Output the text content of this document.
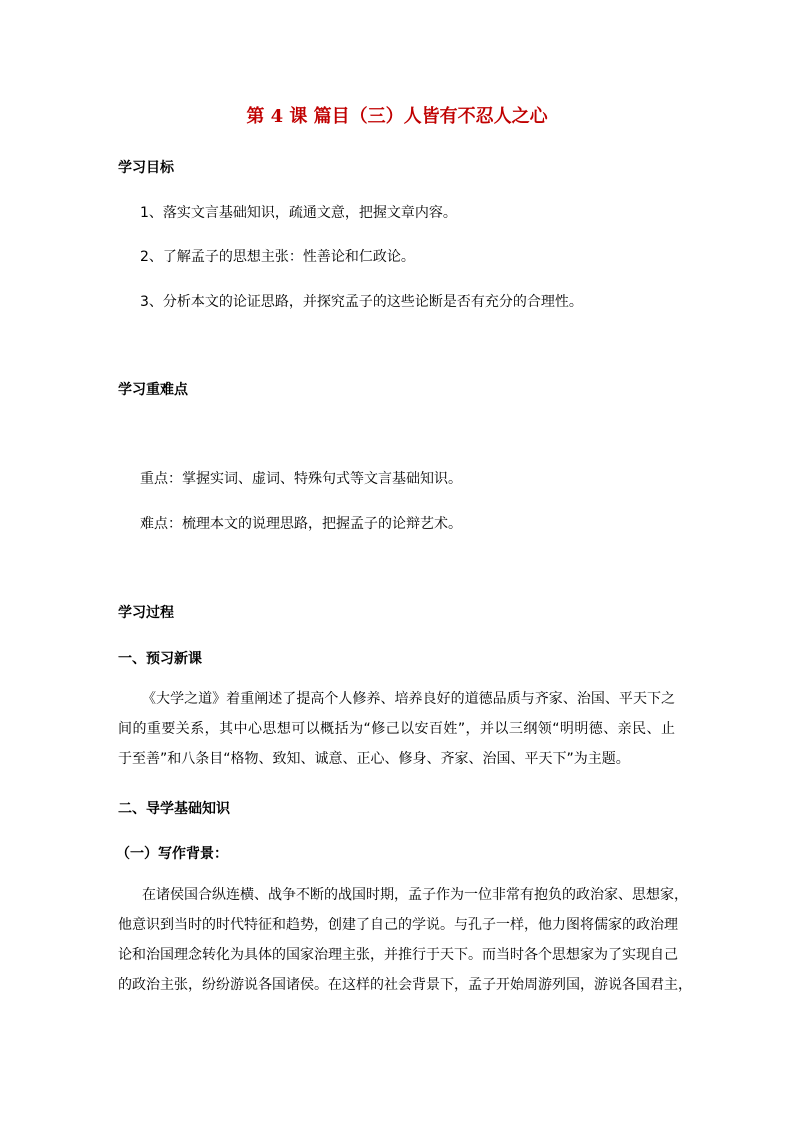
第 4 课 篇目（三）人皆有不忍人之心
学习目标
1、落实文言基础知识，疏通文意，把握文章内容。
2、了解孟子的思想主张：性善论和仁政论。
3、分析本文的论证思路，并探究孟子的这些论断是否有充分的合理性。
学习重难点
重点：掌握实词、虚词、特殊句式等文言基础知识。
难点：梳理本文的说理思路，把握孟子的论辩艺术。
学习过程
一、预习新课
《大学之道》着重阐述了提高个人修养、培养良好的道德品质与齐家、治国、平天下之
间的重要关系，其中心思想可以概括为“修己以安百姓”，并以三纲领“明明德、亲民、止
于至善”和八条目“格物、致知、诚意、正心、修身、齐家、治国、平天下”为主题。
二、导学基础知识
（一）写作背景：
在诸侯国合纵连横、战争不断的战国时期，孟子作为一位非常有抱负的政治家、思想家，
他意识到当时的时代特征和趋势，创建了自己的学说。与孔子一样，他力图将儒家的政治理
论和治国理念转化为具体的国家治理主张，并推行于天下。而当时各个思想家为了实现自己
的政治主张，纷纷游说各国诸侯。在这样的社会背景下，孟子开始周游列国，游说各国君主，
